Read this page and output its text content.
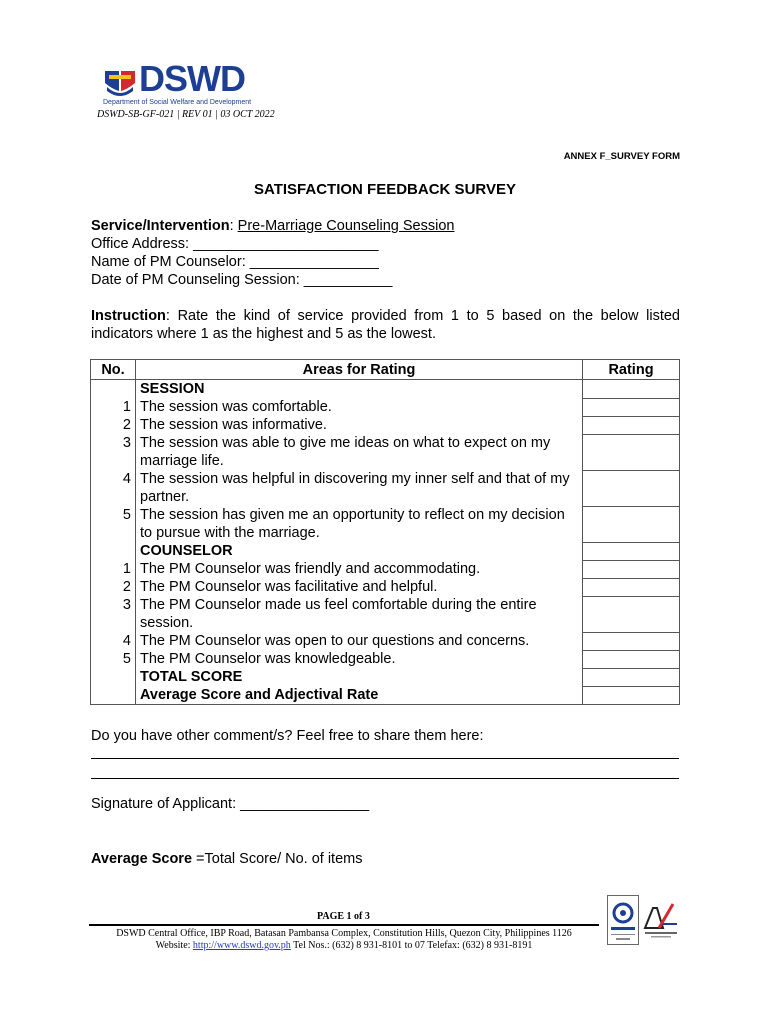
DSWD
Department of Social Welfare and Development
DSWD-SB-GF-021 | REV 01 | 03 OCT 2022
ANNEX F_SURVEY FORM
SATISFACTION FEEDBACK SURVEY
Service/Intervention: Pre-Marriage Counseling Session
Office Address: _______________________
Name of PM Counselor: ________________
Date of PM Counseling Session: ___________
Instruction: Rate the kind of service provided from 1 to 5 based on the below listed indicators where 1 as the highest and 5 as the lowest.
No.	Areas for Rating	Rating
	SESSION	
1	The session was comfortable.	
2	The session was informative.	
3	The session was able to give me ideas on what to expect on my marriage life.	
4	The session was helpful in discovering my inner self and that of my partner.	
5	The session has given me an opportunity to reflect on my decision to pursue with the marriage.	
	COUNSELOR	
1	The PM Counselor was friendly and accommodating.	
2	The PM Counselor was facilitative and helpful.	
3	The PM Counselor made us feel comfortable during the entire session.	
4	The PM Counselor was open to our questions and concerns.	
5	The PM Counselor was knowledgeable.	
	TOTAL SCORE	
	Average Score and Adjectival Rate	
Do you have other comment/s? Feel free to share them here:
Signature of Applicant: ________________
Average Score =Total Score/ No. of items
PAGE 1 of 3
DSWD Central Office, IBP Road, Batasan Pambansa Complex, Constitution Hills, Quezon City, Philippines 1126
Website: http://www.dswd.gov.ph Tel Nos.: (632) 8 931-8101 to 07 Telefax: (632) 8 931-8191
